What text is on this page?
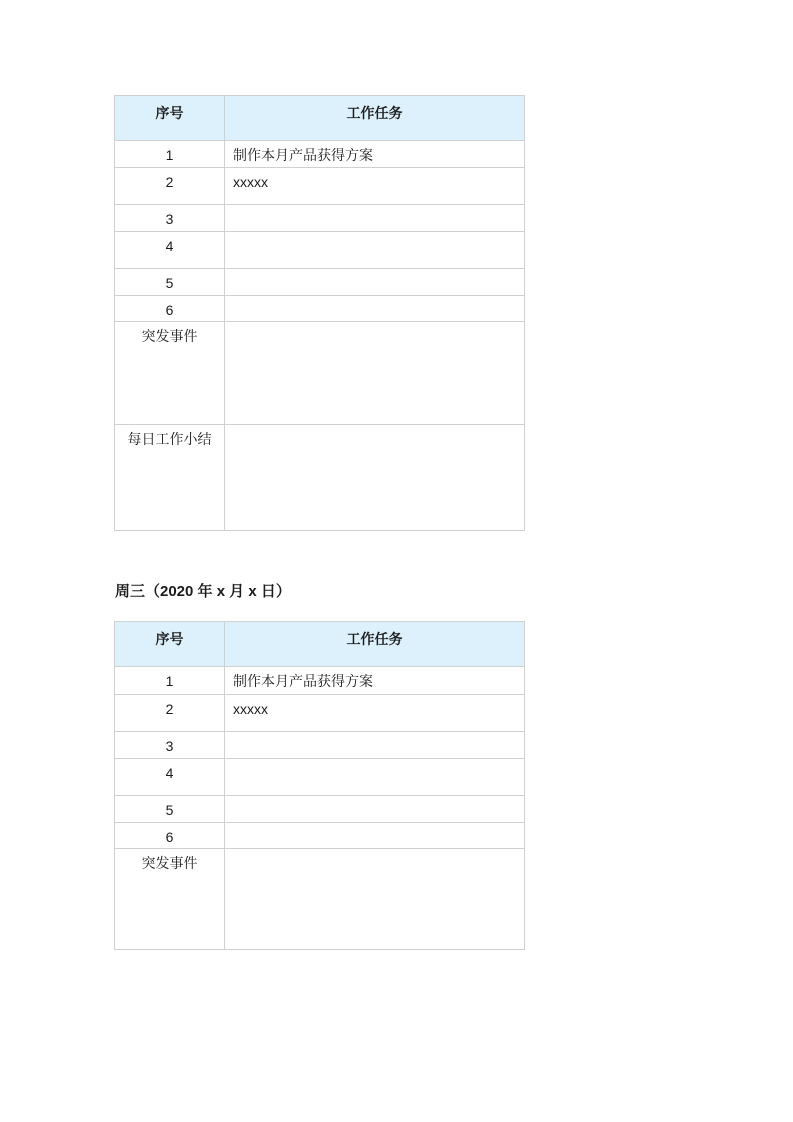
序号	工作任务
1	制作本月产品获得方案
2	xxxxx
3	
4	
5	
6	
突发事件	
每日工作小结	
周三（2020 年 x 月 x 日）
序号	工作任务
1	制作本月产品获得方案
2	xxxxx
3	
4	
5	
6	
突发事件	
